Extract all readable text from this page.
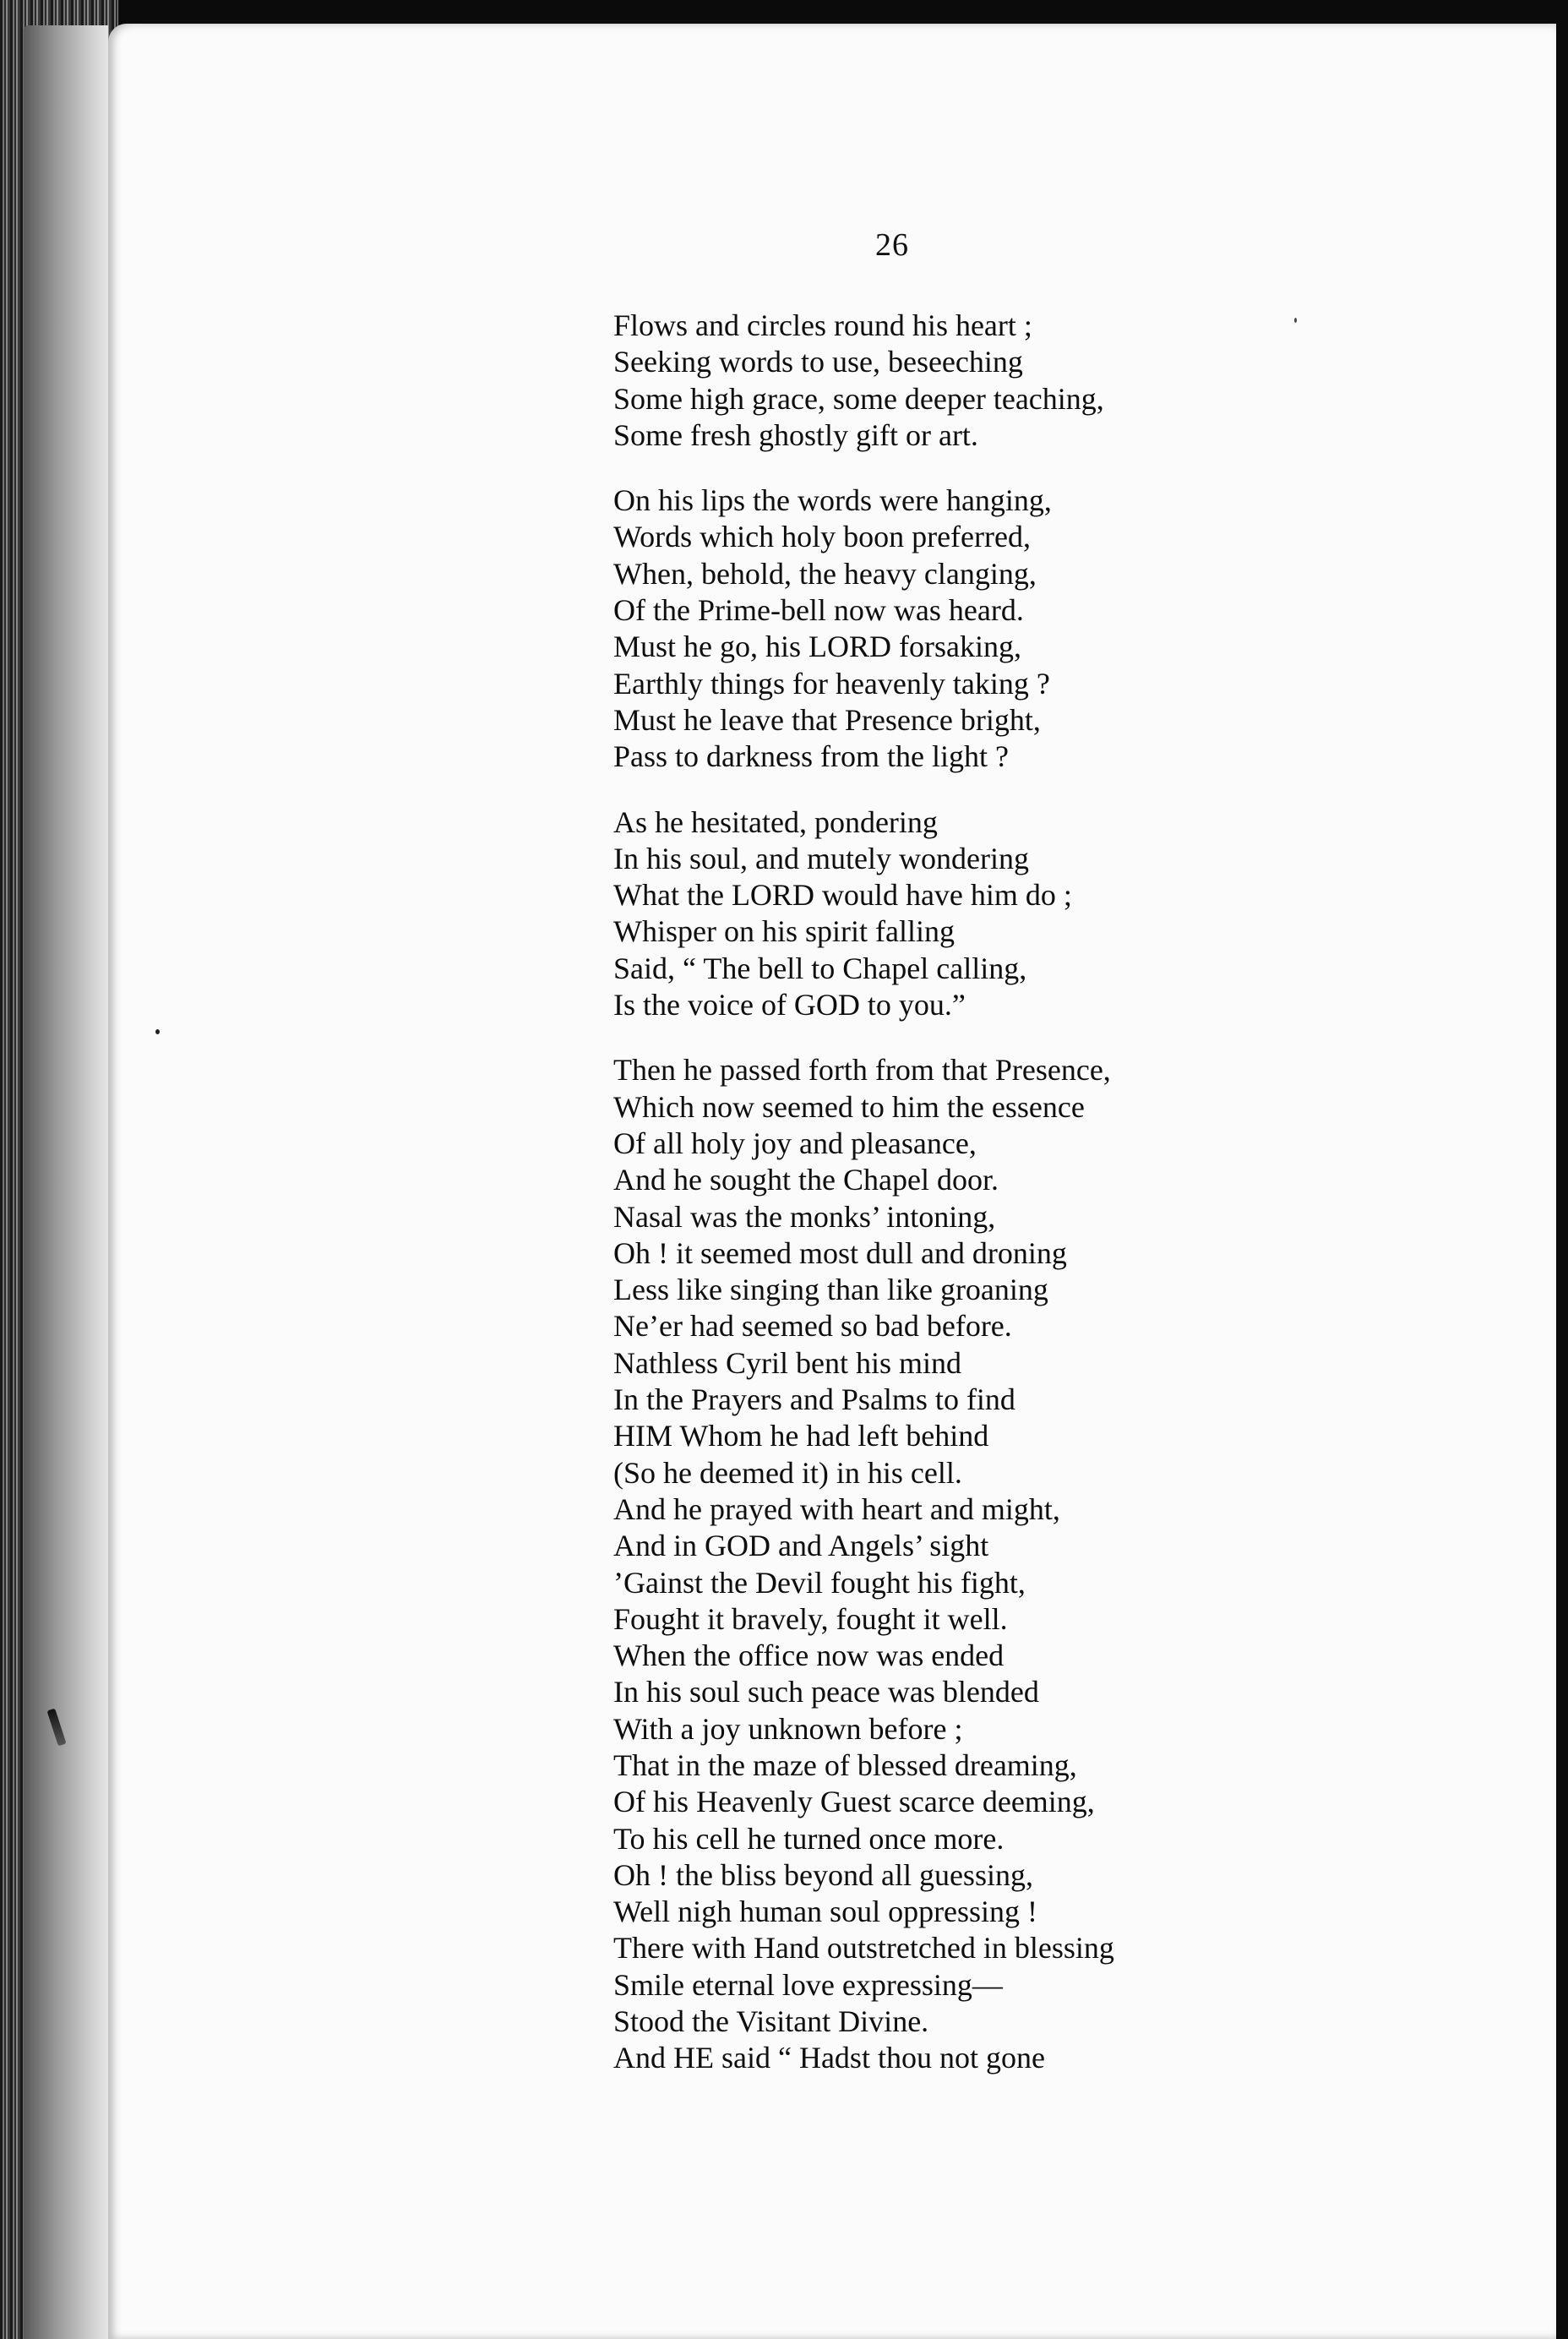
26
Flows and circles round his heart ;
Seeking words to use, beseeching
Some high grace, some deeper teaching,
Some fresh ghostly gift or art.
On his lips the words were hanging,
Words which holy boon preferred,
When, behold, the heavy clanging,
Of the Prime-bell now was heard.
Must he go, his LORD forsaking,
Earthly things for heavenly taking ?
Must he leave that Presence bright,
Pass to darkness from the light ?
As he hesitated, pondering
In his soul, and mutely wondering
What the LORD would have him do ;
Whisper on his spirit falling
Said, “ The bell to Chapel calling,
Is the voice of GOD to you.”
Then he passed forth from that Presence,
Which now seemed to him the essence
Of all holy joy and pleasance,
And he sought the Chapel door.
Nasal was the monks’ intoning,
Oh ! it seemed most dull and droning
Less like singing than like groaning
Ne’er had seemed so bad before.
Nathless Cyril bent his mind
In the Prayers and Psalms to find
HIM Whom he had left behind
(So he deemed it) in his cell.
And he prayed with heart and might,
And in GOD and Angels’ sight
’Gainst the Devil fought his fight,
Fought it bravely, fought it well.
When the office now was ended
In his soul such peace was blended
With a joy unknown before ;
That in the maze of blessed dreaming,
Of his Heavenly Guest scarce deeming,
To his cell he turned once more.
Oh ! the bliss beyond all guessing,
Well nigh human soul oppressing !
There with Hand outstretched in blessing
Smile eternal love expressing—
Stood the Visitant Divine.
And HE said “ Hadst thou not gone
